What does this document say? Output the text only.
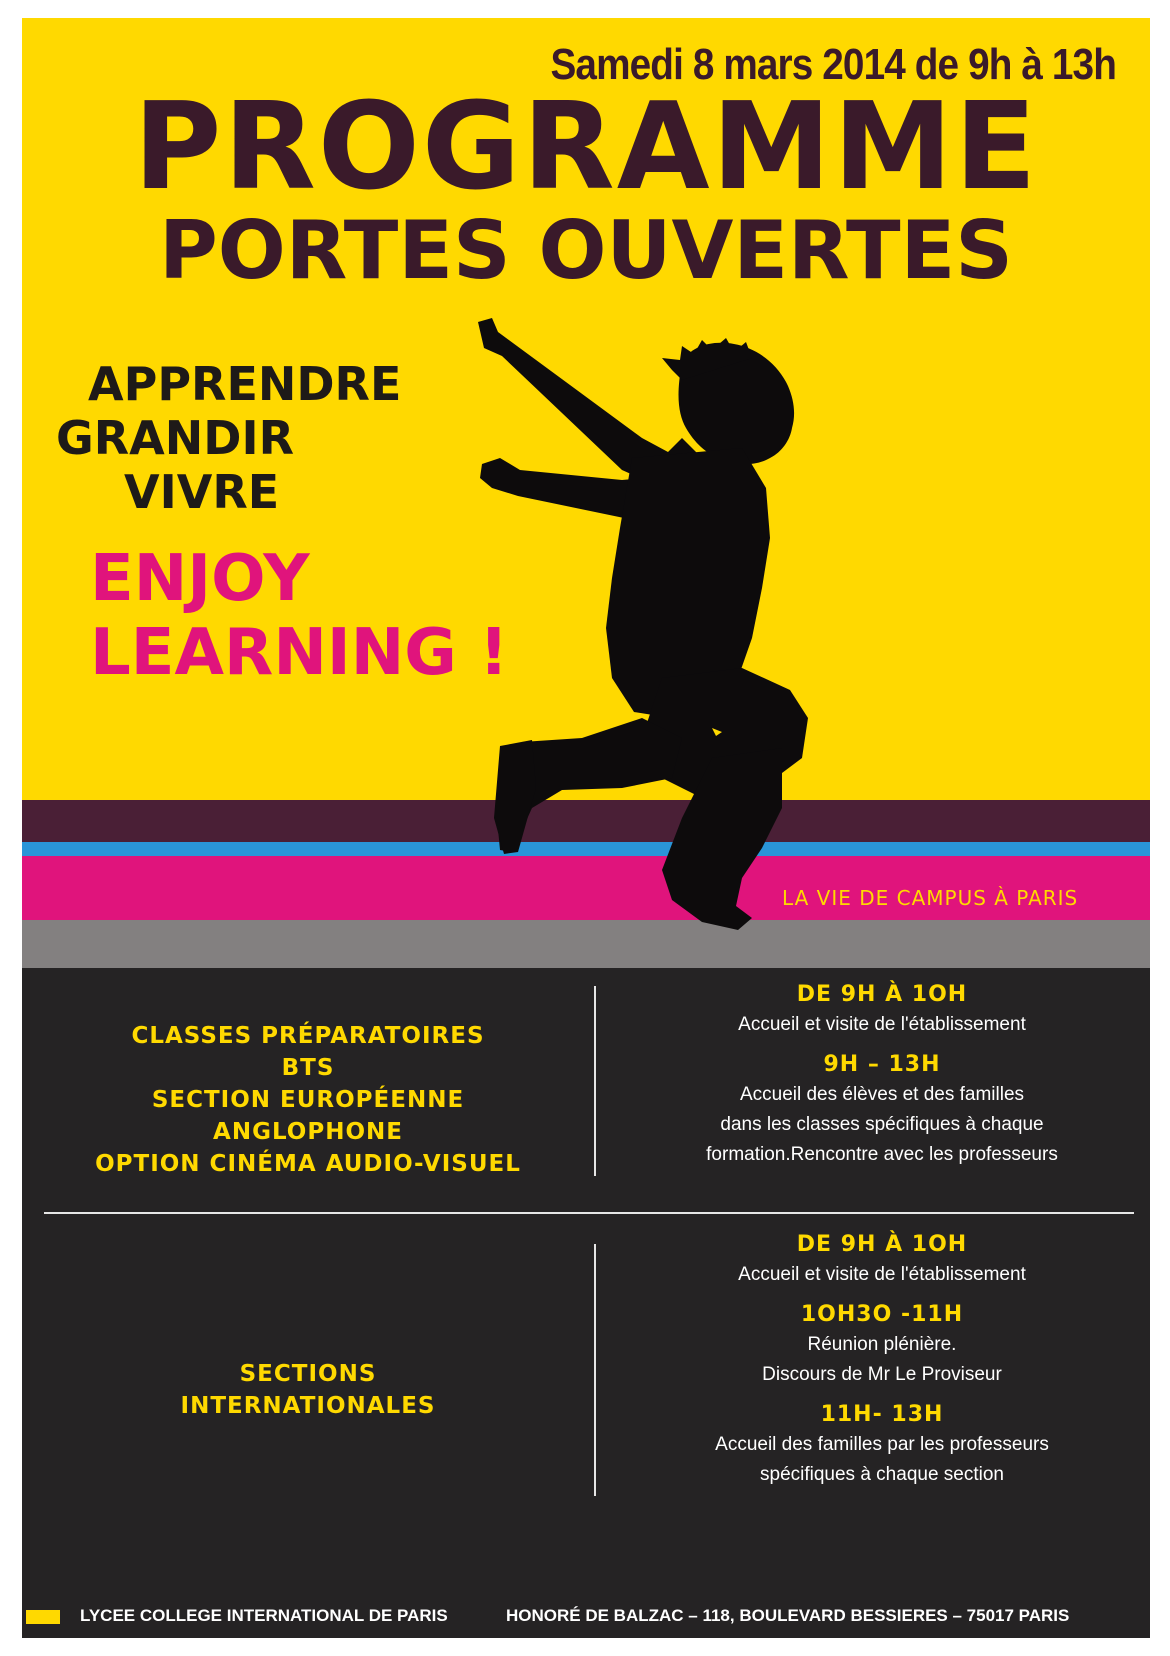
Samedi 8 mars 2014 de 9h à 13h
PROGRAMME
PORTES OUVERTES
APPRENDRE
GRANDIR
VIVRE
ENJOY
LEARNING !
LA VIE DE CAMPUS À PARIS
CLASSES PRÉPARATOIRES
BTS
SECTION EUROPÉENNE
ANGLOPHONE
OPTION CINÉMA AUDIO-VISUEL
DE 9H À 1OH
Accueil et visite de l'établissement
9H – 13H
Accueil des élèves et des familles
dans les classes spécifiques à chaque
formation.Rencontre avec les professeurs
SECTIONS
INTERNATIONALES
DE 9H À 1OH
Accueil et visite de l'établissement
1OH3O -11H
Réunion plénière.
Discours de Mr Le Proviseur
11H- 13H
Accueil des familles par les professeurs
spécifiques à chaque section
LYCEE COLLEGE INTERNATIONAL DE PARIS	HONORÉ DE BALZAC – 118, BOULEVARD BESSIERES – 75017 PARIS
